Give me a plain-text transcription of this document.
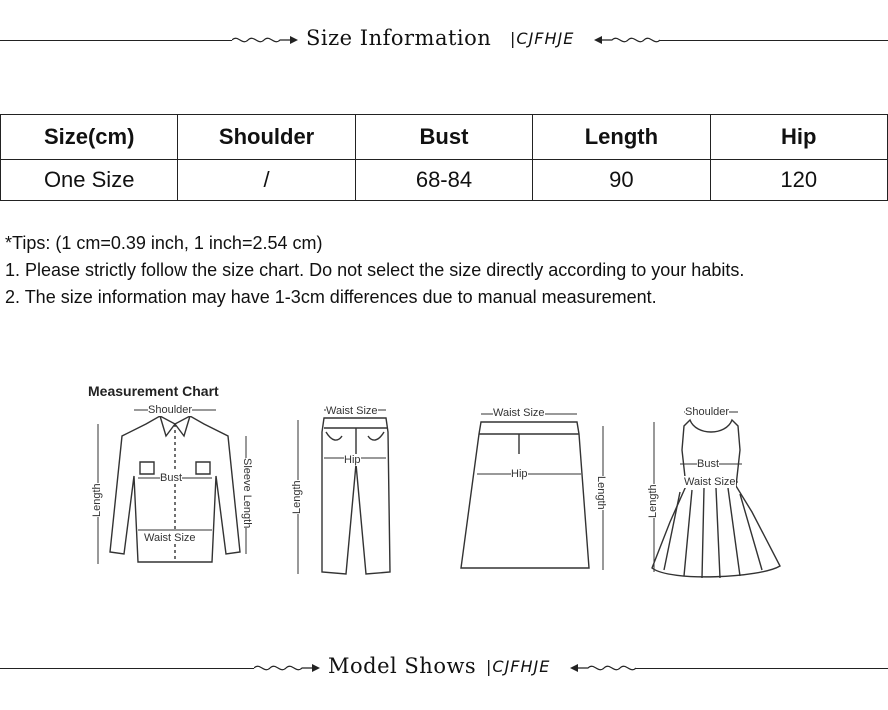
Size Information |CJFHJE
Size(cm)	Shoulder	Bust	Length	Hip
One Size	/	68-84	90	120
*Tips: (1 cm=0.39 inch, 1 inch=2.54 cm)
1. Please strictly follow the size chart. Do not select the size directly according to your habits.
2. The size information may have 1-3cm differences due to manual measurement.
Measurement Chart
Shoulder
Bust
Waist Size
Length	Sleeve Length
Waist Size
Hip
Length
Waist Size
Hip
Length
Shoulder
Bust
Waist Size
Length
Model Shows |CJFHJE
